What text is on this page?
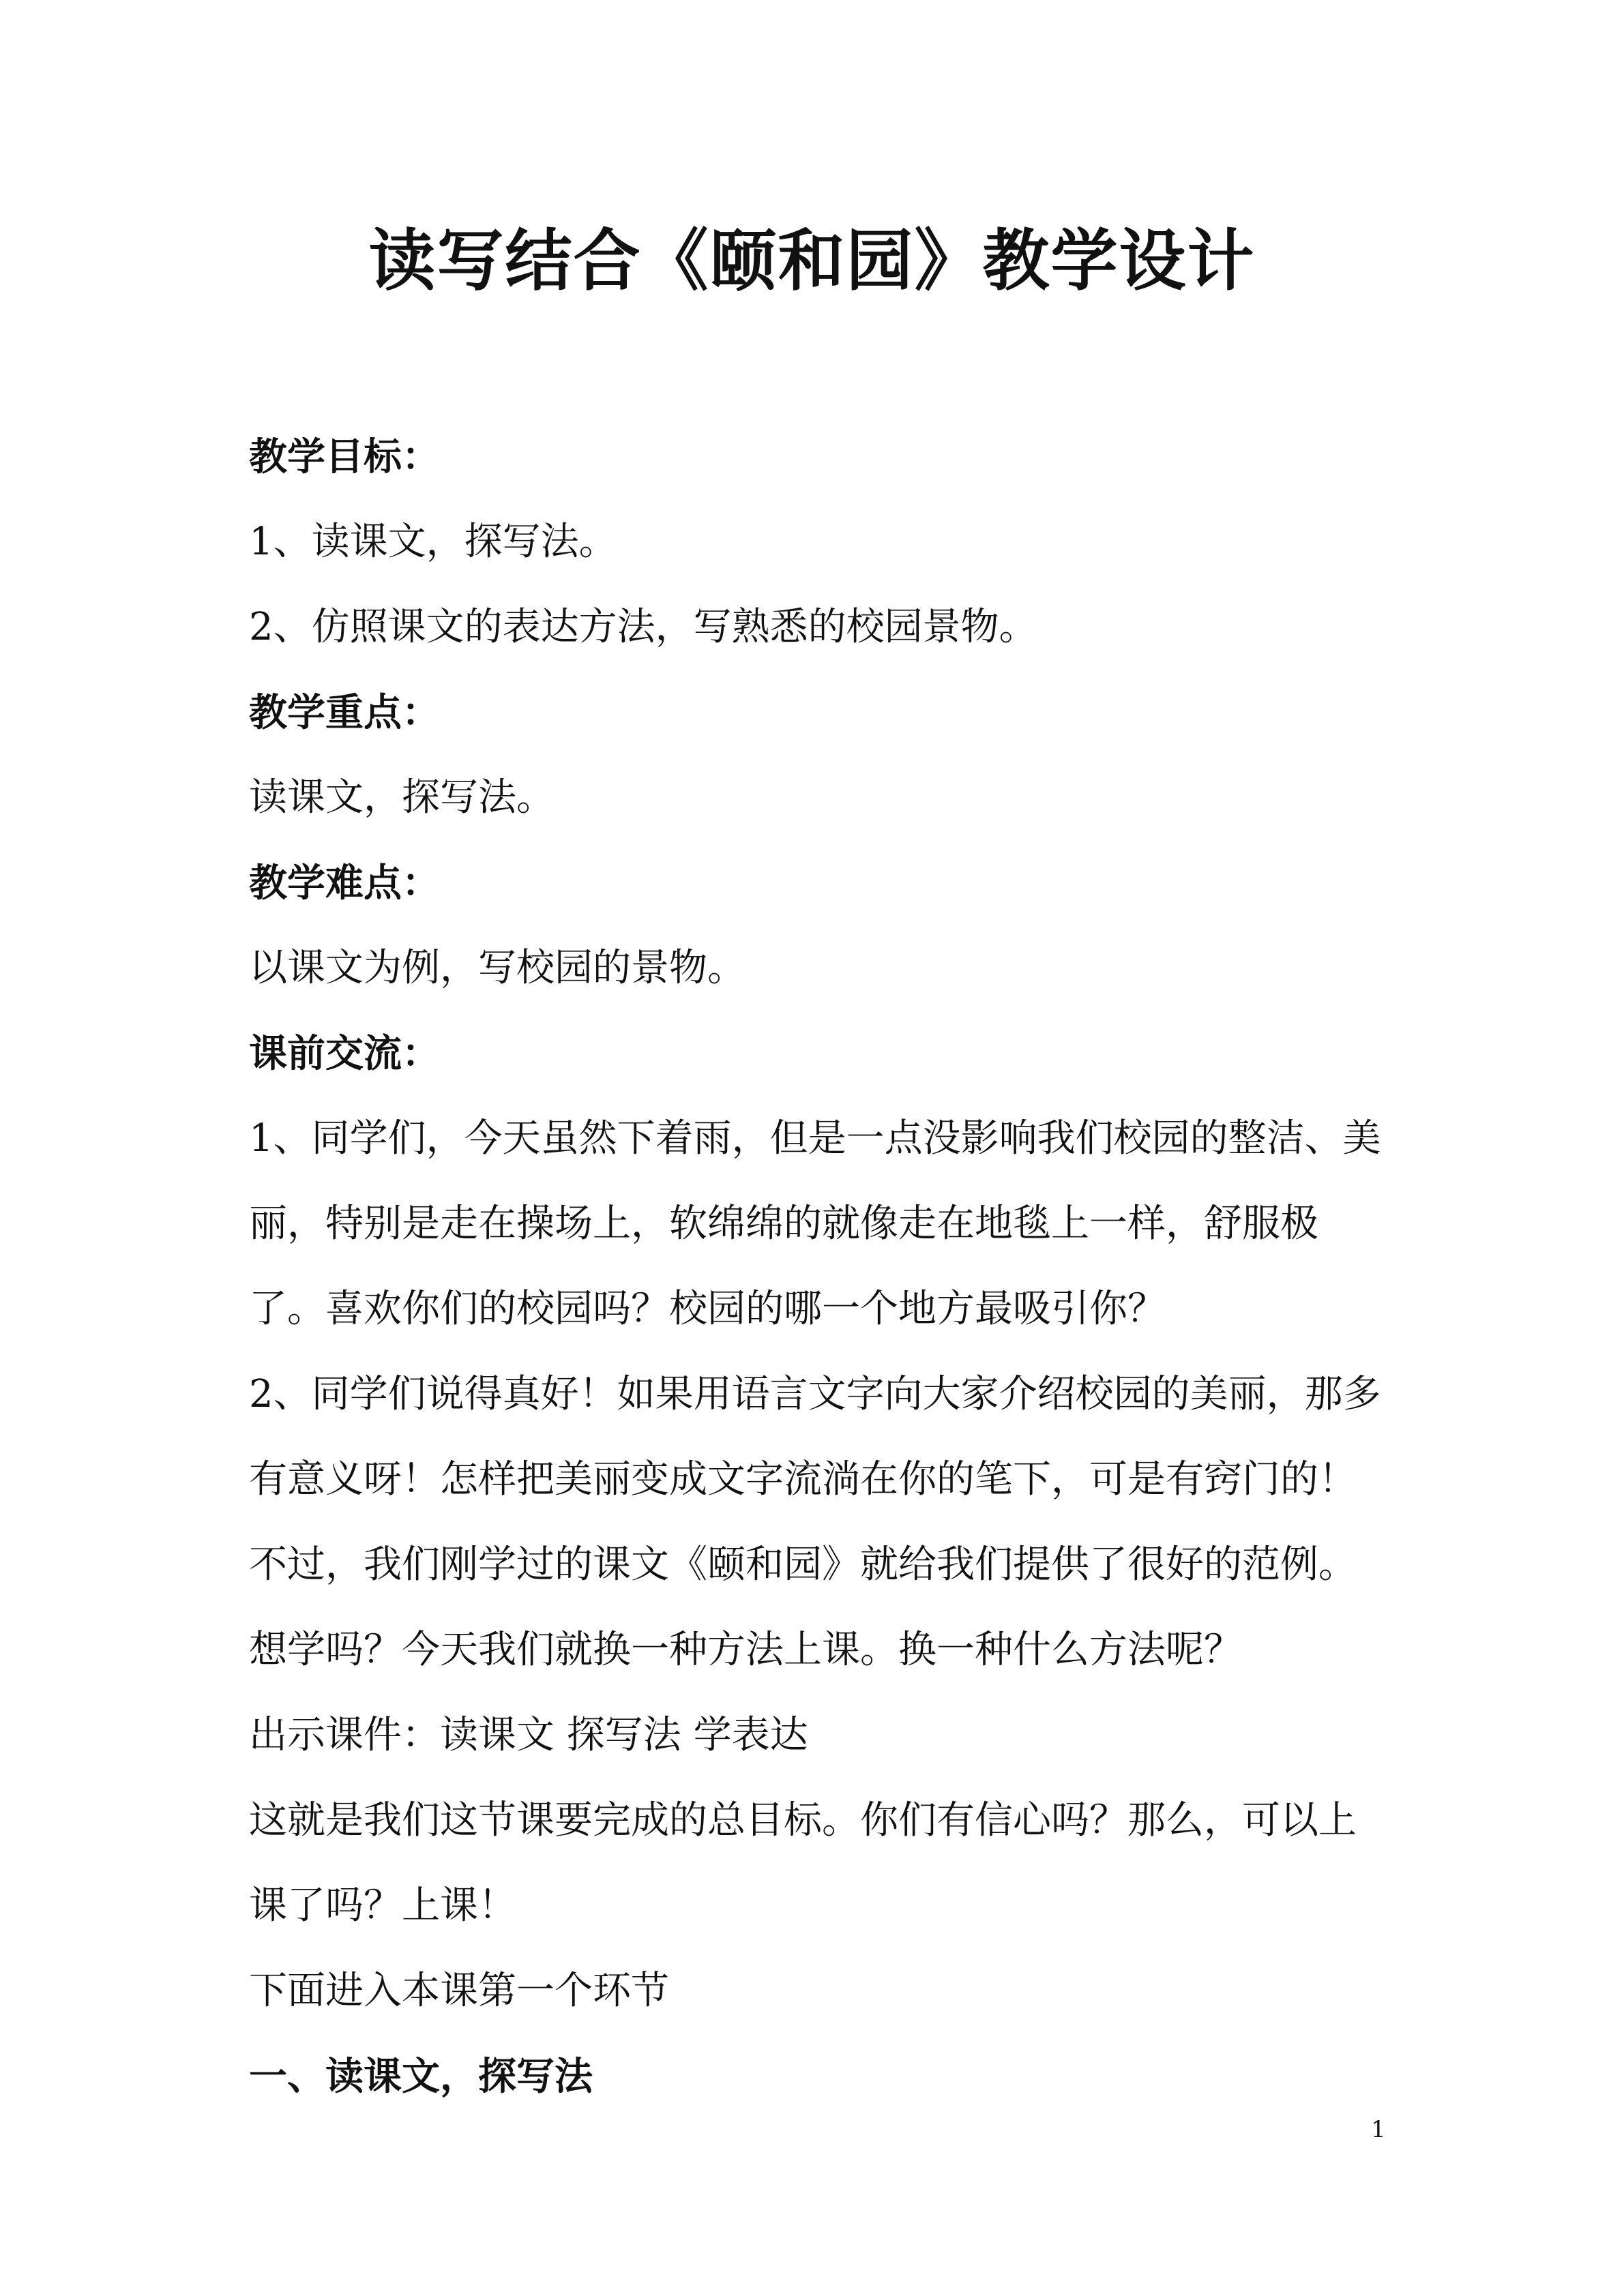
读写结合《颐和园》教学设计
教学目标：
1、读课文，探写法。
2、仿照课文的表达方法，写熟悉的校园景物。
教学重点：
读课文，探写法。
教学难点：
以课文为例，写校园的景物。
课前交流：
1、同学们，今天虽然下着雨，但是一点没影响我们校园的整洁、美
丽，特别是走在操场上，软绵绵的就像走在地毯上一样，舒服极
了。喜欢你们的校园吗？校园的哪一个地方最吸引你？
2、同学们说得真好！如果用语言文字向大家介绍校园的美丽，那多
有意义呀！怎样把美丽变成文字流淌在你的笔下，可是有窍门的！
不过，我们刚学过的课文《颐和园》就给我们提供了很好的范例。
想学吗？今天我们就换一种方法上课。换一种什么方法呢？
出示课件：读课文 探写法 学表达
这就是我们这节课要完成的总目标。你们有信心吗？那么，可以上
课了吗？上课！
下面进入本课第一个环节
一、读课文，探写法
1
